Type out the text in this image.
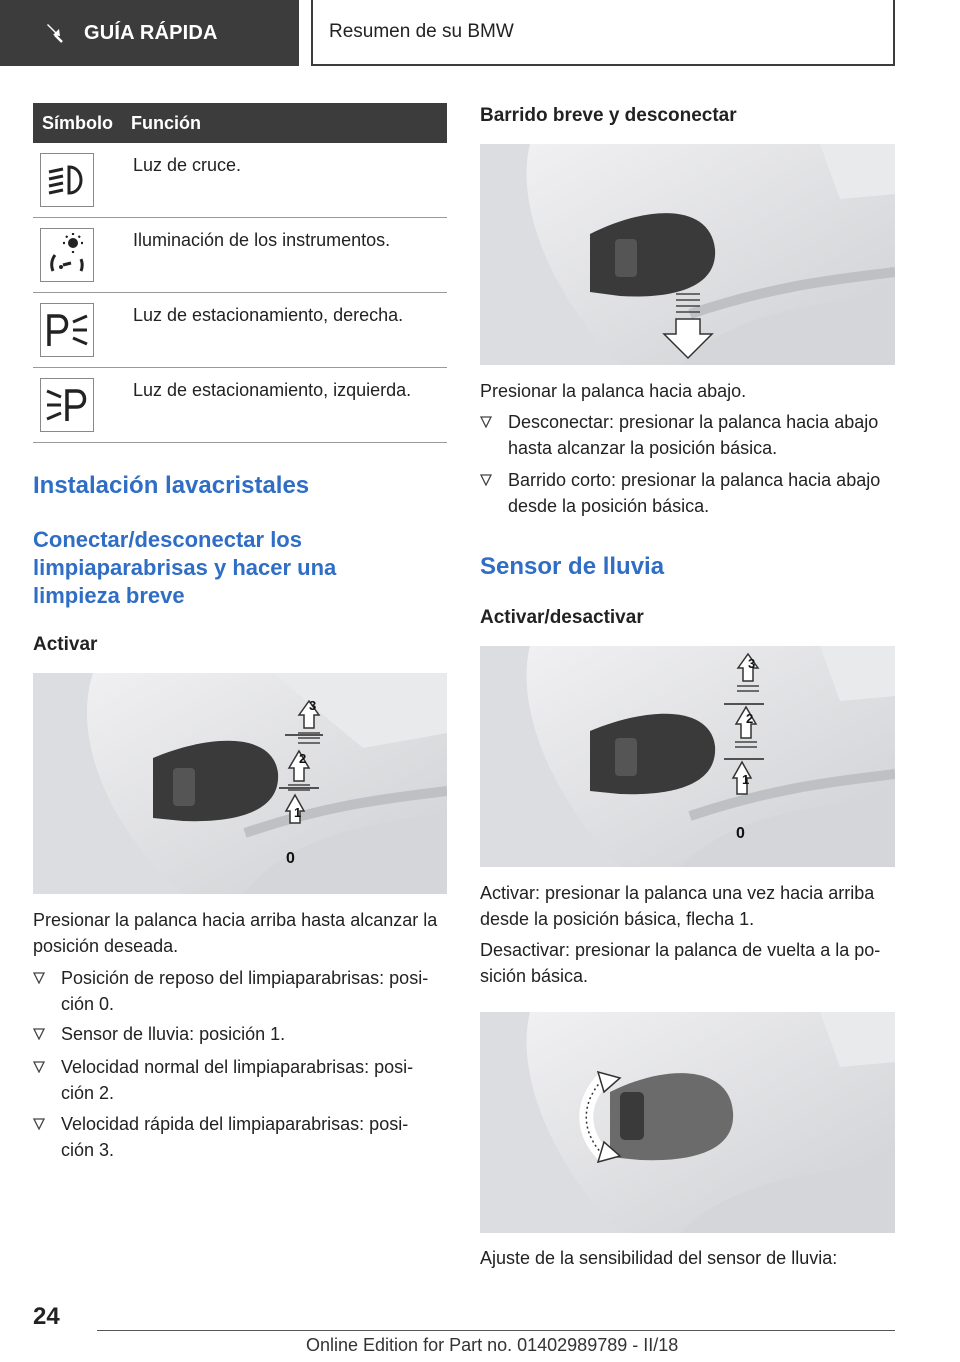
GUÍA RÁPIDA	Resumen de su BMW
Símbolo	Función
Luz de cruce.
Iluminación de los instrumentos.
Luz de estacionamiento, derecha.
Luz de estacionamiento, izquierda.
Instalación lavacristales
Conectar/desconectar los
limpiaparabrisas y hacer una
limpieza breve
Activar
3
2
1
0
Presionar la palanca hacia arriba hasta alcanzar la
posición deseada.
Posición de reposo del limpiaparabrisas: posi-
ción 0.
Sensor de lluvia: posición 1.
Velocidad normal del limpiaparabrisas: posi-
ción 2.
Velocidad rápida del limpiaparabrisas: posi-
ción 3.
Barrido breve y desconectar
Presionar la palanca hacia abajo.
Desconectar: presionar la palanca hacia abajo
hasta alcanzar la posición básica.
Barrido corto: presionar la palanca hacia abajo
desde la posición básica.
Sensor de lluvia
Activar/desactivar
3
2
1
0
Activar: presionar la palanca una vez hacia arriba
desde la posición básica, flecha 1.
Desactivar: presionar la palanca de vuelta a la po-
sición básica.
Ajuste de la sensibilidad del sensor de lluvia:
24
Online Edition for Part no. 01402989789 - II/18
